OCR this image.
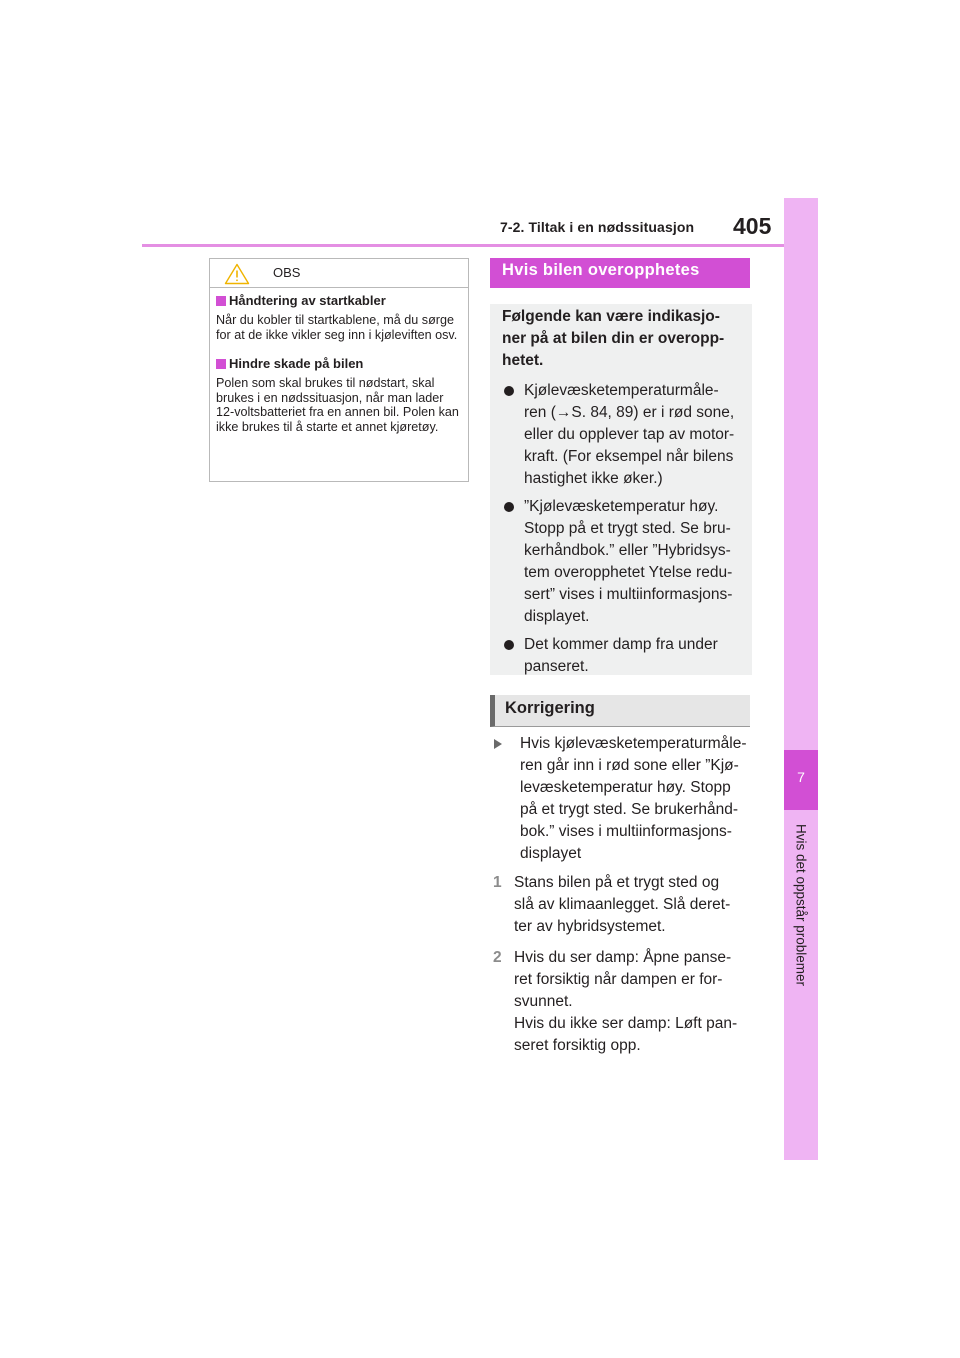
7-2. Tiltak i en nødssituasjon 405
7
Hvis det oppstår problemer
OBS
Håndtering av startkabler
Når du kobler til startkablene, må du sørge for at de ikke vikler seg inn i kjøleviften osv.
Hindre skade på bilen
Polen som skal brukes til nødstart, skal brukes i en nødssituasjon, når man lader 12-voltsbatteriet fra en annen bil. Polen kan ikke brukes til å starte et annet kjøretøy.
Hvis bilen overopphetes
Følgende kan være indikasjo-
ner på at bilen din er overopp-
hetet.
Kjølevæsketemperaturmåle-
ren (→S. 84, 89) er i rød sone,
eller du opplever tap av motor-
kraft. (For eksempel når bilens
hastighet ikke øker.)
”Kjølevæsketemperatur høy.
Stopp på et trygt sted. Se bru-
kerhåndbok.” eller ”Hybridsys-
tem overopphetet Ytelse redu-
sert” vises i multiinformasjons-
displayet.
Det kommer damp fra under
panseret.
Korrigering
Hvis kjølevæsketemperaturmåle-
ren går inn i rød sone eller ”Kjø-
levæsketemperatur høy. Stopp
på et trygt sted. Se brukerhånd-
bok.” vises i multiinformasjons-
displayet
1 Stans bilen på et trygt sted og
slå av klimaanlegget. Slå deret-
ter av hybridsystemet.
2 Hvis du ser damp: Åpne panse-
ret forsiktig når dampen er for-
svunnet.
Hvis du ikke ser damp: Løft pan-
seret forsiktig opp.
